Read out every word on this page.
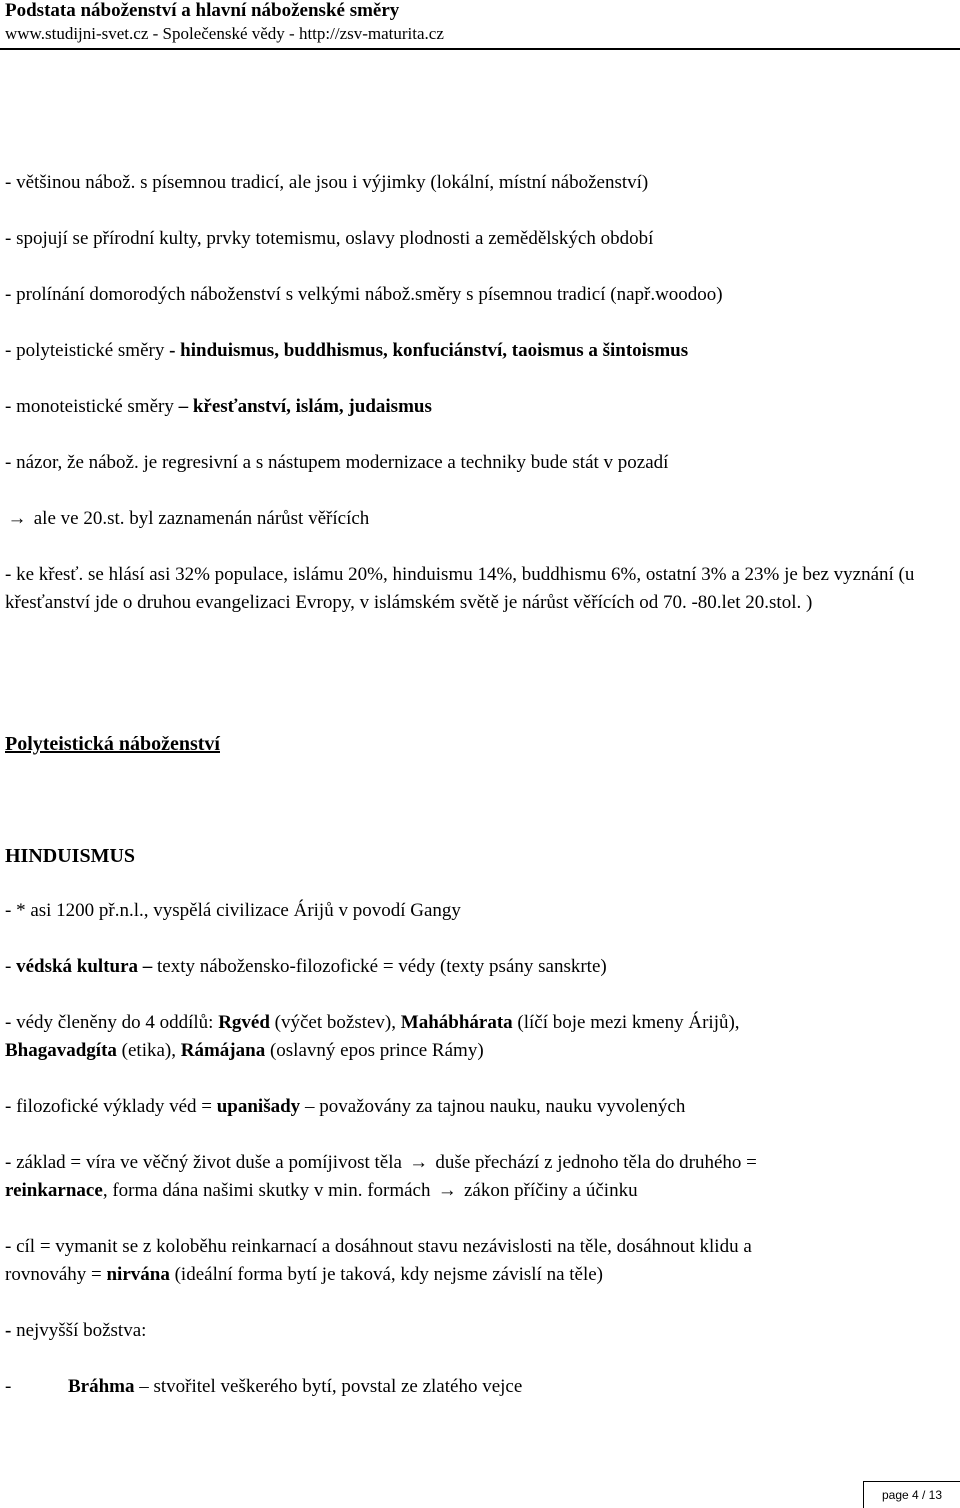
Podstata náboženství a hlavní náboženské směry
www.studijni-svet.cz - Společenské vědy - http://zsv-maturita.cz
- většinou nábož. s písemnou tradicí, ale jsou i výjimky (lokální, místní náboženství)
- spojují se přírodní kulty, prvky totemismu, oslavy plodnosti a zemědělských období
- prolínání domorodých náboženství s velkými nábož.směry s písemnou tradicí (např.woodoo)
- polyteistické směry - hinduismus, buddhismus, konfuciánství, taoismus a šintoismus
- monoteistické směry – křesťanství, islám, judaismus
- názor, že nábož. je regresivní a s nástupem modernizace a techniky bude stát v pozadí
→ ale ve 20.st. byl zaznamenán nárůst věřících
- ke křesť. se hlásí asi 32% populace, islámu 20%, hinduismu 14%, buddhismu 6%, ostatní 3% a 23% je bez vyznání (u křesťanství jde o druhou evangelizaci Evropy, v islámském světě je nárůst věřících od 70. -80.let 20.stol. )
Polyteistická náboženství
HINDUISMUS
- * asi 1200 př.n.l., vyspělá civilizace Árijů v povodí Gangy
- védská kultura – texty nábožensko-filozofické = védy (texty psány sanskrte)
- védy členěny do 4 oddílů: Rgvéd (výčet božstev), Mahábhárata (líčí boje mezi kmeny Árijů),
Bhagavadgíta (etika), Rámájana (oslavný epos prince Rámy)
- filozofické výklady véd = upanišady – považovány za tajnou nauku, nauku vyvolených
- základ = víra ve věčný život duše a pomíjivost těla → duše přechází z jednoho těla do druhého =
reinkarnace, forma dána našimi skutky v min. formách → zákon příčiny a účinku
- cíl = vymanit se z koloběhu reinkarnací a dosáhnout stavu nezávislosti na těle, dosáhnout klidu a
rovnováhy = nirvána (ideální forma bytí je taková, kdy nejsme závislí na těle)
- nejvyšší božstva:
-	Bráhma – stvořitel veškerého bytí, povstal ze zlatého vejce
page 4 / 13
